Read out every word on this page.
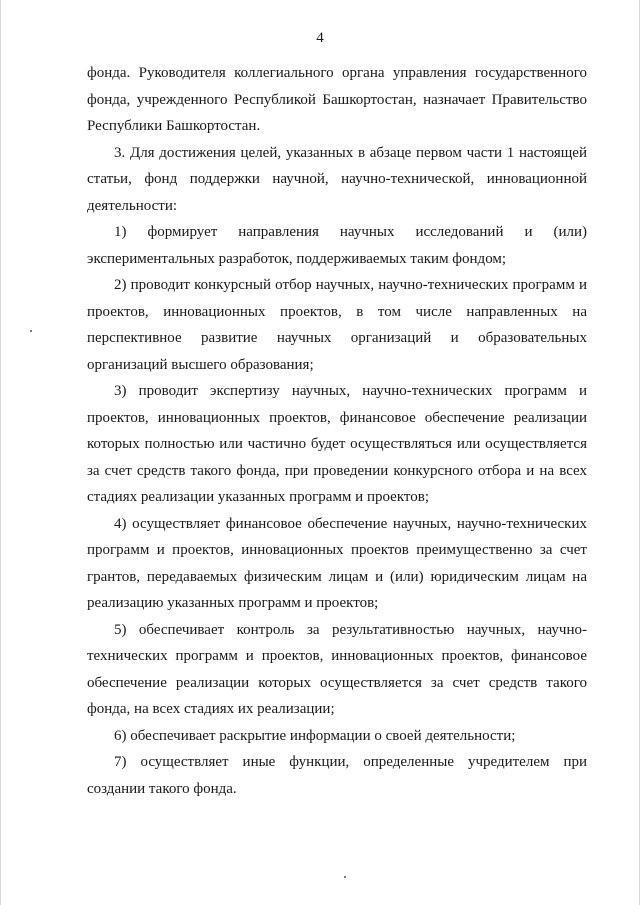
4

фонда. Руководителя коллегиального органа управления государственного фонда, учрежденного Республикой Башкортостан, назначает Правительство Республики Башкортостан.

3. Для достижения целей, указанных в абзаце первом части 1 настоящей статьи, фонд поддержки научной, научно-технической, инновационной деятельности:

1) формирует направления научных исследований и (или) экспериментальных разработок, поддерживаемых таким фондом;

2) проводит конкурсный отбор научных, научно-технических программ и проектов, инновационных проектов, в том числе направленных на перспективное развитие научных организаций и образовательных организаций высшего образования;

3) проводит экспертизу научных, научно-технических программ и проектов, инновационных проектов, финансовое обеспечение реализации которых полностью или частично будет осуществляться или осуществляется за счет средств такого фонда, при проведении конкурсного отбора и на всех стадиях реализации указанных программ и проектов;

4) осуществляет финансовое обеспечение научных, научно-технических программ и проектов, инновационных проектов преимущественно за счет грантов, передаваемых физическим лицам и (или) юридическим лицам на реализацию указанных программ и проектов;

5) обеспечивает контроль за результативностью научных, научно-технических программ и проектов, инновационных проектов, финансовое обеспечение реализации которых осуществляется за счет средств такого фонда, на всех стадиях их реализации;

6) обеспечивает раскрытие информации о своей деятельности;

7) осуществляет иные функции, определенные учредителем при создании такого фонда.
